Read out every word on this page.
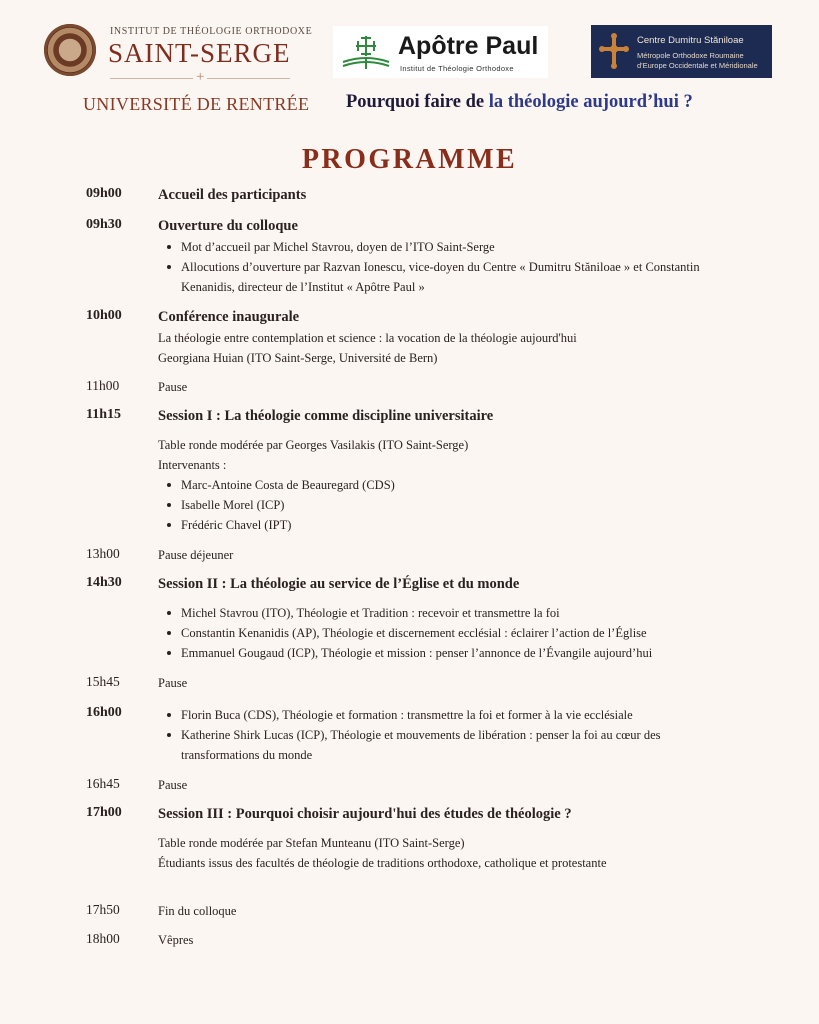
INSTITUT DE THÉOLOGIE ORTHODOXE
SAINT-SERGE
+
UNIVERSITÉ DE RENTRÉE
Apôtre Paul
Institut de Théologie Orthodoxe
Centre Dumitru Stăniloae
Métropole Orthodoxe Roumaine
d'Europe Occidentale et Méridionale
Pourquoi faire de la théologie aujourd’hui ?
PROGRAMME
09h00 Accueil des participants
09h30 Ouverture du colloque
Mot d’accueil par Michel Stavrou, doyen de l’ITO Saint-Serge
Allocutions d’ouverture par Razvan Ionescu, vice-doyen du Centre « Dumitru Stăniloae » et Constantin Kenanidis, directeur de l’Institut « Apôtre Paul »
10h00 Conférence inaugurale
La théologie entre contemplation et science : la vocation de la théologie aujourd'hui
Georgiana Huian (ITO Saint-Serge, Université de Bern)
11h00	Pause
11h15	Session I : La théologie comme discipline universitaire
Table ronde modérée par Georges Vasilakis (ITO Saint-Serge)
Intervenants :
Marc-Antoine Costa de Beauregard (CDS)
Isabelle Morel (ICP)
Frédéric Chavel (IPT)
13h00	Pause déjeuner
14h30 Session II : La théologie au service de l’Église et du monde
Michel Stavrou (ITO), Théologie et Tradition : recevoir et transmettre la foi
Constantin Kenanidis (AP), Théologie et discernement ecclésial : éclairer l’action de l’Église
Emmanuel Gougaud (ICP), Théologie et mission : penser l’annonce de l’Évangile aujourd’hui
15h45	Pause
16h00	Florin Buca (CDS), Théologie et formation : transmettre la foi et former à la vie ecclésiale
Katherine Shirk Lucas (ICP), Théologie et mouvements de libération : penser la foi au cœur des transformations du monde
16h45	Pause
17h00 Session III : Pourquoi choisir aujourd'hui des études de théologie ?
Table ronde modérée par Stefan Munteanu (ITO Saint-Serge)
Étudiants issus des facultés de théologie de traditions orthodoxe, catholique et protestante
17h50	Fin du colloque
18h00	Vêpres
